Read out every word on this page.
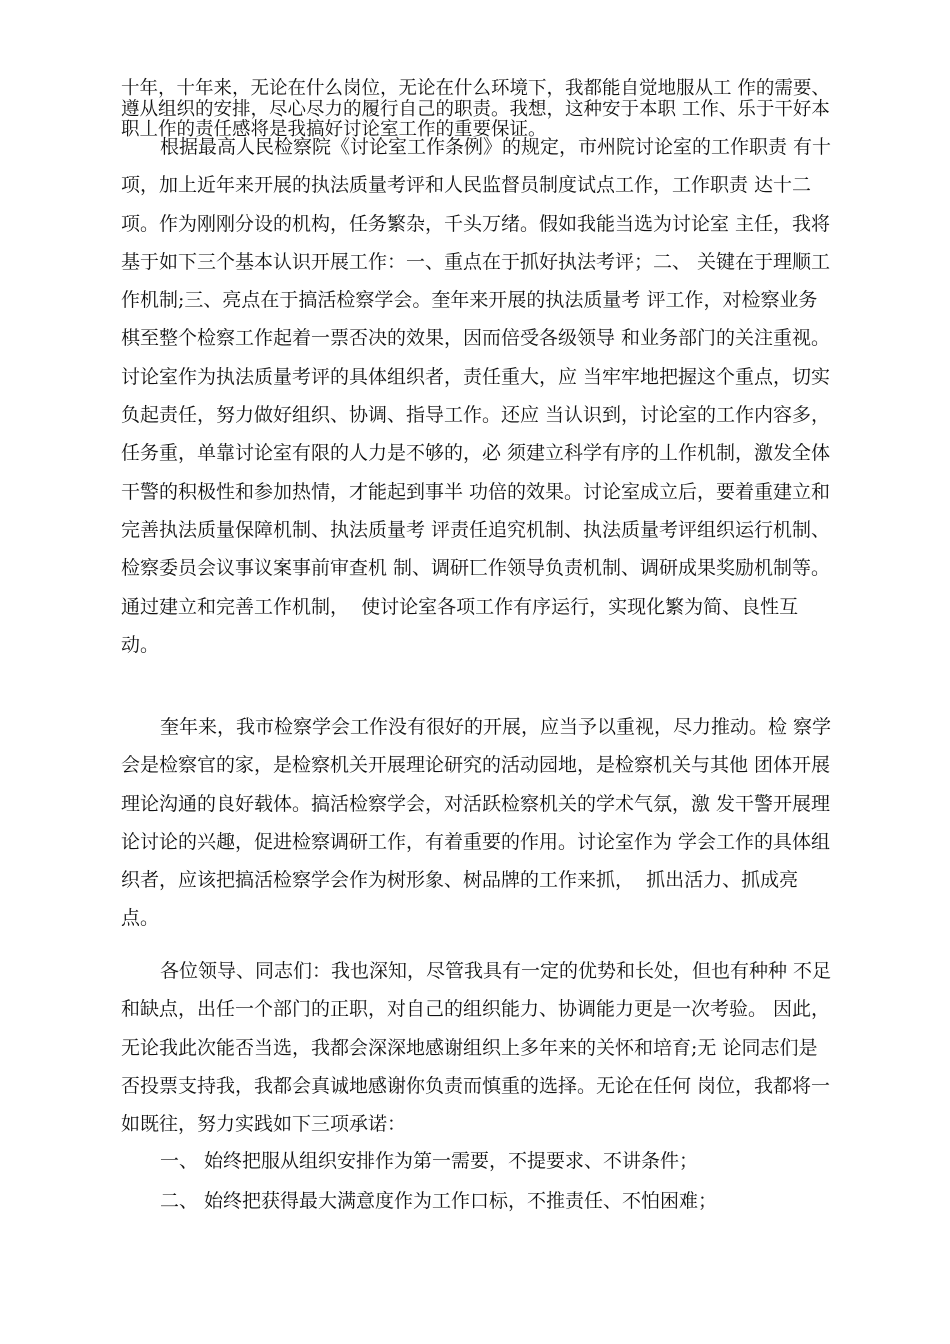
十年，十年来，无论在什么岗位，无论在什么环境下，我都能自觉地服从工 作的需要、遵从组织的安排，尽心尽力的履行自己的职责。我想，这种安于本职 工作、乐于干好本职丄作的责任感将是我搞好讨论室工作的重要保证。

根据最高人民检察院《讨论室工作条例》的规定，市州院讨论室的工作职责 有十项，加上近年来开展的执法质量考评和人民监督员制度试点工作，工作职责 达十二项。作为刚刚分设的机构，任务繁杂，千头万绪。假如我能当选为讨论室 主任，我将基于如下三个基本认识开展工作：一、重点在于抓好执法考评；二、 关键在于理顺工作机制;三、亮点在于搞活检察学会。奎年来开展的执法质量考 评工作，对检察业务棋至整个检察工作起着一票否决的效果，因而倍受各级领导 和业务部门的关注重视。讨论室作为执法质量考评的具体组织者，责任重大，应 当牢牢地把握这个重点，切实负起责任，努力做好组织、协调、指导工作。还应 当认识到，讨论室的工作内容多，任务重，单靠讨论室有限的人力是不够的，必 须建立科学有序的丄作机制，激发全体干警的积极性和参加热情，才能起到事半 功倍的效果。讨论室成立后，要着重建立和完善执法质量保障机制、执法质量考 评责任追究机制、执法质量考评组织运行机制、检察委员会议事议案事前审查机 制、调研匸作领导负责机制、调研成果奖励机制等。通过建立和完善工作机制，  使讨论室各项工作有序运行，实现化繁为简、良性互动。

奎年来，我市检察学会工作没有很好的开展，应当予以重视，尽力推动。检 察学会是检察官的家，是检察机关开展理论研究的活动园地，是检察机关与其他 团体开展理论沟通的良好载体。搞活检察学会，对活跃检察机关的学术气氛，激 发干警开展理论讨论的兴趣，促进检察调研工作，有着重要的作用。讨论室作为 学会工作的具体组织者，应该把搞活检察学会作为树形象、树品牌的工作来抓，  抓出活力、抓成亮点。

各位领导、同志们：我也深知，尽管我具有一定的优势和长处，但也有种种 不足和缺点，出任一个部门的正职，对自己的组织能力、协调能力更是一次考验。 因此，无论我此次能否当选，我都会深深地感谢组织上多年来的关怀和培育;无 论同志们是否投票支持我，我都会真诚地感谢你负责而慎重的选择。无论在任何 岗位，我都将一如既往，努力实践如下三项承诺：

一、 始终把服从组织安排作为第一需要，不提要求、不讲条件；

二、 始终把获得最大满意度作为工作口标，不推责任、不怕困难；
